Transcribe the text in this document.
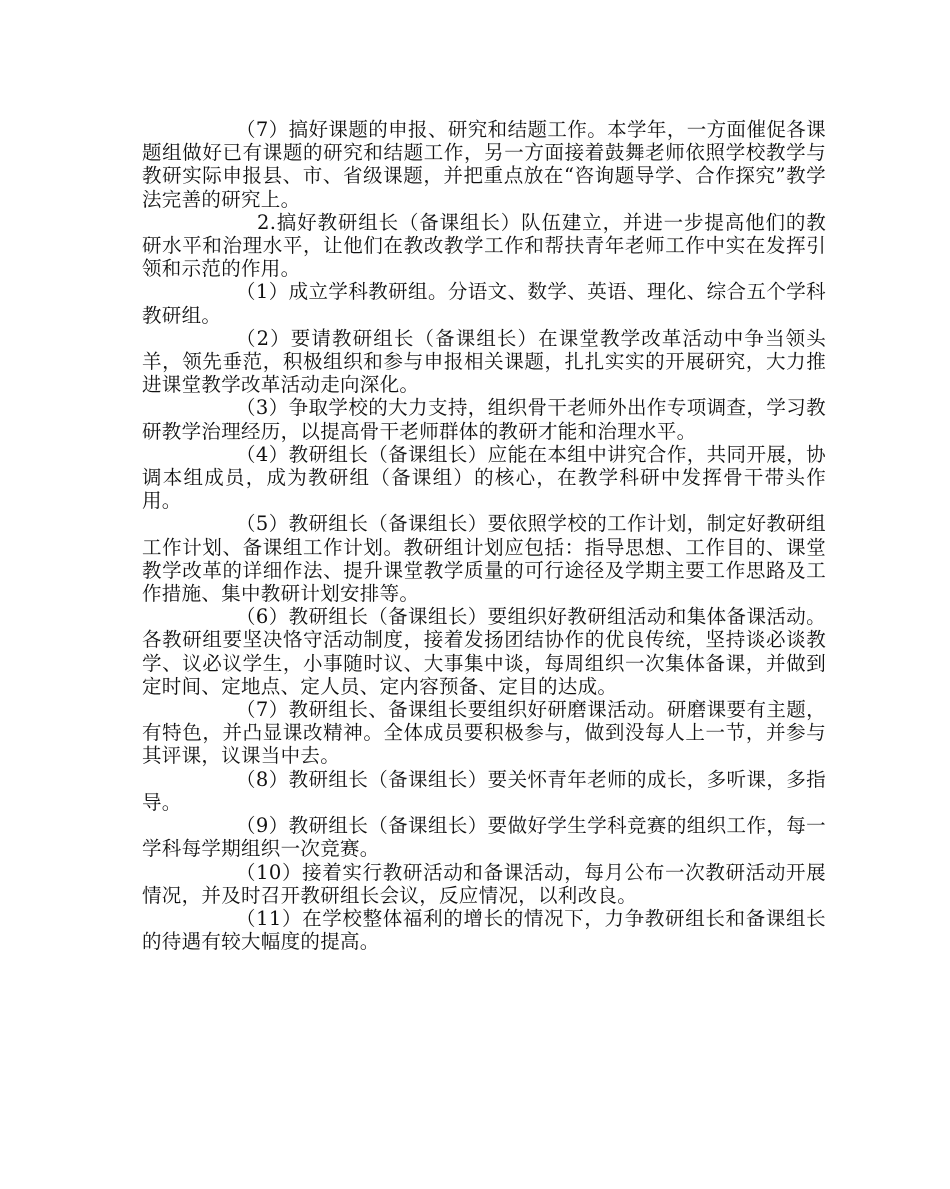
（7）搞好课题的申报、研究和结题工作。本学年，一方面催促各课题组做好已有课题的研究和结题工作，另一方面接着鼓舞老师依照学校教学与教研实际申报县、市、省级课题，并把重点放在“咨询题导学、合作探究”教学法完善的研究上。

2.搞好教研组长（备课组长）队伍建立，并进一步提高他们的教研水平和治理水平，让他们在教改教学工作和帮扶青年老师工作中实在发挥引领和示范的作用。

（1）成立学科教研组。分语文、数学、英语、理化、综合五个学科教研组。

（2）要请教研组长（备课组长）在课堂教学改革活动中争当领头羊，领先垂范，积极组织和参与申报相关课题，扎扎实实的开展研究，大力推进课堂教学改革活动走向深化。

（3）争取学校的大力支持，组织骨干老师外出作专项调查，学习教研教学治理经历，以提高骨干老师群体的教研才能和治理水平。

（4）教研组长（备课组长）应能在本组中讲究合作，共同开展，协调本组成员，成为教研组（备课组）的核心，在教学科研中发挥骨干带头作用。

（5）教研组长（备课组长）要依照学校的工作计划，制定好教研组工作计划、备课组工作计划。教研组计划应包括：指导思想、工作目的、课堂教学改革的详细作法、提升课堂教学质量的可行途径及学期主要工作思路及工作措施、集中教研计划安排等。

（6）教研组长（备课组长）要组织好教研组活动和集体备课活动。各教研组要坚决恪守活动制度，接着发扬团结协作的优良传统，坚持谈必谈教学、议必议学生，小事随时议、大事集中谈，每周组织一次集体备课，并做到定时间、定地点、定人员、定内容预备、定目的达成。

（7）教研组长、备课组长要组织好研磨课活动。研磨课要有主题，有特色，并凸显课改精神。全体成员要积极参与，做到没每人上一节，并参与其评课，议课当中去。

（8）教研组长（备课组长）要关怀青年老师的成长，多听课，多指导。

（9）教研组长（备课组长）要做好学生学科竞赛的组织工作，每一学科每学期组织一次竞赛。

（10）接着实行教研活动和备课活动，每月公布一次教研活动开展情况，并及时召开教研组长会议，反应情况，以利改良。

（11）在学校整体福利的增长的情况下，力争教研组长和备课组长的待遇有较大幅度的提高。
